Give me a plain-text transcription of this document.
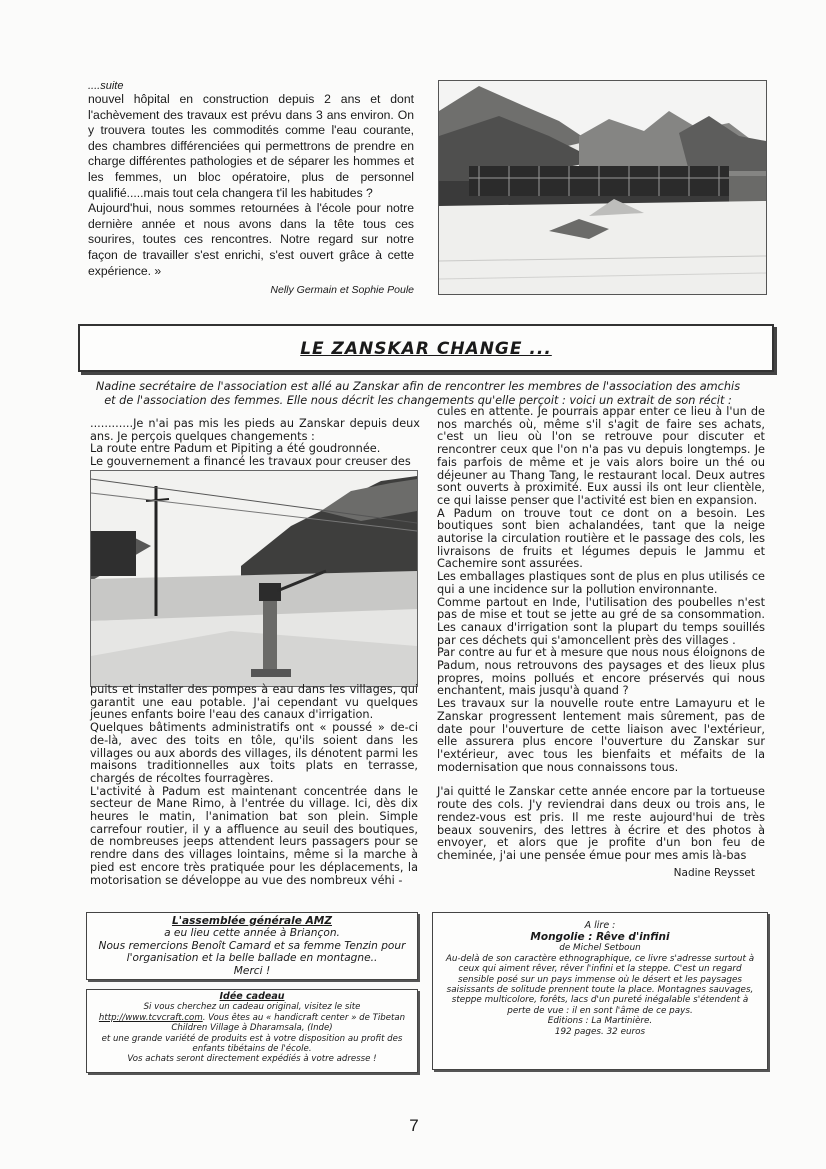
....suite

nouvel hôpital en construction depuis 2 ans et dont l'achèvement des travaux est prévu dans 3 ans environ. On y trouvera toutes les commodités comme l'eau courante, des chambres différenciées qui permettrons de prendre en charge différentes pathologies et de séparer les hommes et les femmes, un bloc opératoire, plus de personnel qualifié.....mais tout cela changera t'il les habitudes ?

Aujourd'hui, nous sommes retournées à l'école pour notre dernière année et nous avons dans la tête tous ces sourires, toutes ces rencontres. Notre regard sur notre façon de travailler s'est enrichi, s'est ouvert grâce à cette expérience. »

Nelly Germain et Sophie Poule

LE ZANSKAR CHANGE ...

Nadine secrétaire de l'association est allé au Zanskar afin de rencontrer les membres de l'association des amchis et de l'association des femmes. Elle nous décrit les changements qu'elle perçoit : voici un extrait de son récit :

............Je n'ai pas mis les pieds au Zanskar depuis deux ans. Je perçois quelques changements :

La route entre Padum et Pipiting a été goudronnée.

Le gouvernement a financé les travaux pour creuser des

puits et installer des pompes à eau dans les villages, qui garantit une eau potable. J'ai cependant vu quelques jeunes enfants boire l'eau des canaux d'irrigation.

Quelques bâtiments administratifs ont « poussé » de-ci de-là, avec des toits en tôle, qu'ils soient dans les villages ou aux abords des villages, ils dénotent parmi les maisons traditionnelles aux toits plats en terrasse, chargés de récoltes fourragères.

L'activité à Padum est maintenant concentrée dans le secteur de Mane Rimo, à l'entrée du village. Ici, dès dix heures le matin, l'animation bat son plein. Simple carrefour routier, il y a affluence au seuil des boutiques, de nombreuses jeeps attendent leurs passagers pour se rendre dans des villages lointains, même si la marche à pied est encore très pratiquée pour les déplacements, la motorisation se développe au vue des nombreux véhi -

cules en attente. Je pourrais appar enter ce lieu à l'un de nos marchés où, même s'il s'agit de faire ses achats, c'est un lieu où l'on se retrouve pour discuter et rencontrer ceux que l'on n'a pas vu depuis longtemps. Je fais parfois de même et je vais alors boire un thé ou déjeuner au Thang Tang, le restaurant local. Deux autres sont ouverts à proximité. Eux aussi ils ont leur clientèle, ce qui laisse penser que l'activité est bien en expansion.

A Padum on trouve tout ce dont on a besoin. Les boutiques sont bien achalandées, tant que la neige autorise la circulation routière et le passage des cols, les livraisons de fruits et légumes depuis le Jammu et Cachemire sont assurées.

Les emballages plastiques sont de plus en plus utilisés ce qui a une incidence sur la pollution environnante.

Comme partout en Inde, l'utilisation des poubelles n'est pas de mise et tout se jette au gré de sa consommation. Les canaux d'irrigation sont la plupart du temps souillés par ces déchets qui s'amoncellent près des villages .

Par contre au fur et à mesure que nous nous éloignons de Padum, nous retrouvons des paysages et des lieux plus propres, moins pollués et encore préservés qui nous enchantent, mais jusqu'à quand ?

Les travaux sur la nouvelle route entre Lamayuru et le Zanskar progressent lentement mais sûrement, pas de date pour l'ouverture de cette liaison avec l'extérieur, elle assurera plus encore l'ouverture du Zanskar sur l'extérieur, avec tous les bienfaits et méfaits de la modernisation que nous connaissons tous.

J'ai quitté le Zanskar cette année encore par la tortueuse route des cols. J'y reviendrai dans deux ou trois ans, le rendez-vous est pris. Il me reste aujourd'hui de très beaux souvenirs, des lettres à écrire et des photos à envoyer, et alors que je profite d'un bon feu de cheminée, j'ai une pensée émue pour mes amis là-bas

Nadine Reysset

L'assemblée générale AMZ
a eu lieu cette année à Briançon.
Nous remercions Benoît Camard et sa femme Tenzin pour l'organisation et la belle ballade en montagne..
Merci !
Idée cadeau
Si vous cherchez un cadeau original, visitez le site
http://www.tcvcraft.com. Vous êtes au « handicraft center » de Tibetan Children Village à Dharamsala, (Inde)
et une grande variété de produits est à votre disposition au profit des enfants tibétains de l'école.
Vos achats seront directement expédiés à votre adresse !
A lire :
Mongolie : Rêve d'infini
de Michel Setboun
Au-delà de son caractère ethnographique, ce livre s'adresse surtout à ceux qui aiment rêver, rêver l'infini et la steppe. C'est un regard sensible posé sur un pays immense où le désert et les paysages saisissants de solitude prennent toute la place. Montagnes sauvages, steppe multicolore, forêts, lacs d'un pureté inégalable s'étendent à perte de vue : il en sont l'âme de ce pays.
Editions : La Martinière.
192 pages. 32 euros
7
